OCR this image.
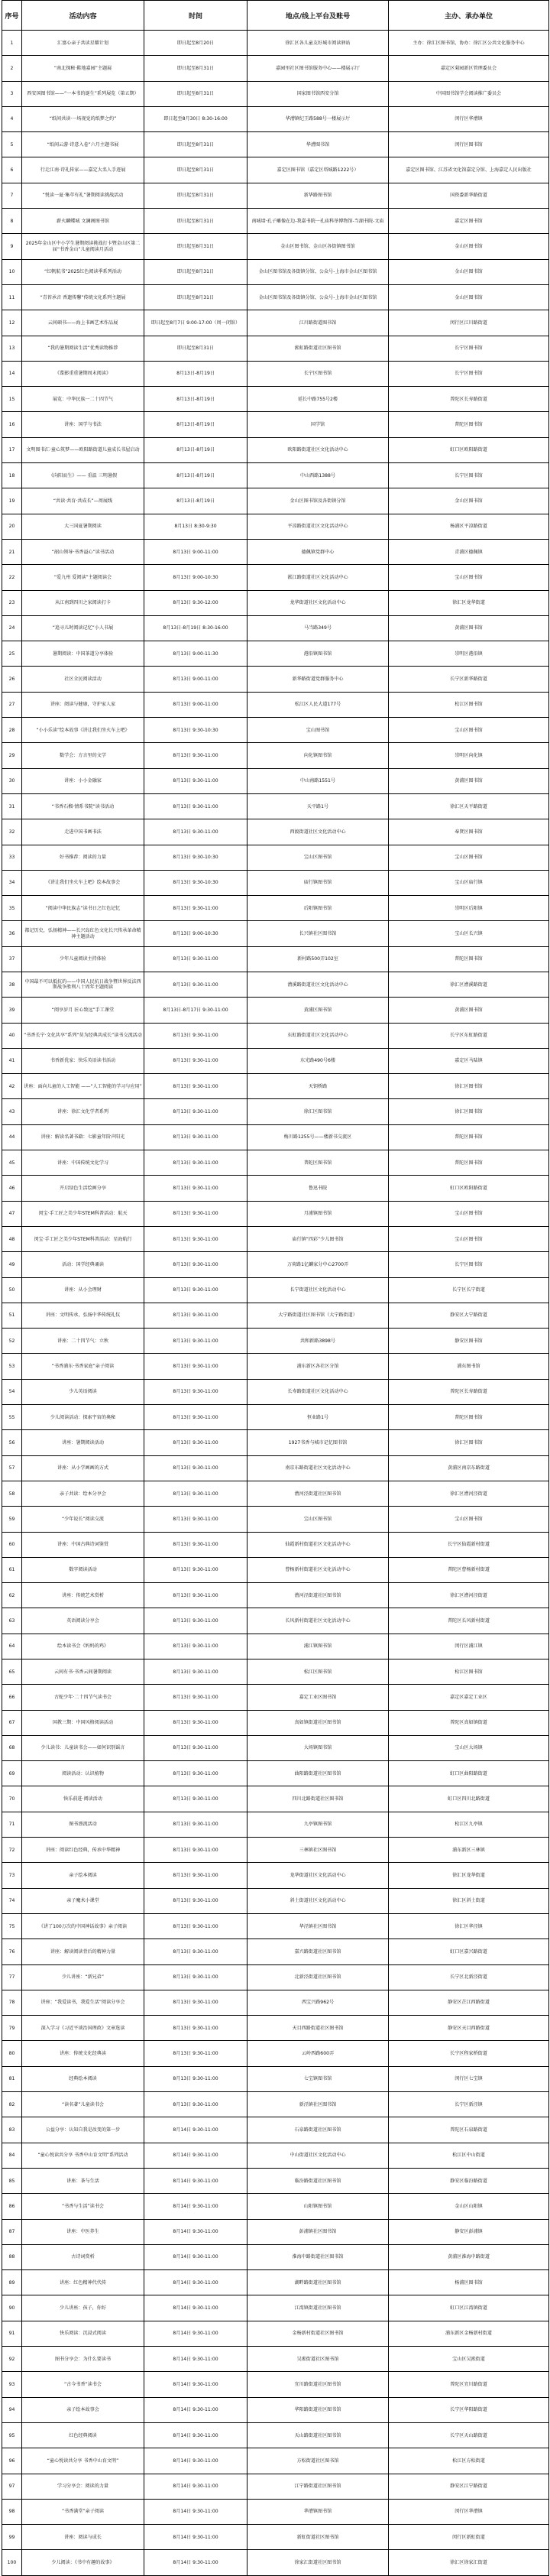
序号	活动内容	时间	地点/线上平台及账号	主办、承办单位
1	汇富心亲子共读星耀计划	即日起至8月20日	徐汇区各儿童友好城市阅读驿站	主办：徐汇区图书馆、协办：徐汇区公共文化服务中心
2	“南北探秘·鞋地嘉园”主题展	即日起至8月31日	嘉园里社区图书馆服务中心——楼展示厅	嘉定区菊园新区管理委员会
3	西安国图书馆——“一本书的诞生”系列展览（第五期）	即日起至8月31日	国家图书馆西安分馆	中国图书馆学会阅读推广委员会
4	“纸间共读·一场视觉的纸梦之约”	即日起至8月30日 8:30-16:00	华漕镇纪王路588号一楼展示厅	闵行区华漕镇
5	“纸间云游·诗意入卷”六月主题书展	即日起至8月31日	华漕图书馆	闵行区图书馆
6	行走江南·诗礼传家——嘉定大名人手迹展	即日起至8月31日	嘉定区图书馆（嘉定区塔城路1222号）	嘉定区图书馆、江苏省文化馆嘉定分馆、上海嘉定人民出版社
7	“悦读一夏·集萃有礼”暑期阅读挑战活动	即日起至8月31日	新华路图书馆	国资委新华路街道
8	薪火麟蝶城 文澜阁图书馆	即日起至8月31日	南城墙·孔子雕像在边-我嘉书院一孔庙科举博物馆-当湖书院-文庙	嘉定区图书馆
9	2025年金山区中小学生暑期阅读挑战打卡暨金山区第二届“书香金山”儿童阅读月活动	即日起至8月31日	金山区图书馆、金山区各街镇图书馆	金山区图书馆
10	“红帆航书”2025红色阅读季系列活动	即日起至8月31日	金山区图书馆及各街镇分馆、公众号-上海市金山区图书馆	金山区图书馆
11	“青苔承音 香遗传馨”传统文化系列主题展	即日起至8月31日	金山区图书馆及各街镇分馆、公众号-上海市金山区图书馆	金山区图书馆
12	云间硕书——海上书画艺术作品展	即日起至8月7日 9:00-17:00（周一闭馆）	江川路街道图书馆	闵行区江川路街道
13	“我的暑期阅读生活”优秀读物推荐	即日起至8月31日	淞虹路街道社区图书馆	长宁区图书馆
14	《谍影重重暑期周末阅读》	8月13日-8月19日	长宁区图书馆	长宁区图书馆
15	展览：中华民族一二十四节气	8月13日-8月19日	延长中路755号2楼	普陀区长寿路街道
16	讲座：国学与书法	8月13日-8月19日	国学馆	普陀区图书馆
17	文明图书汇·童心筑梦——欧阳路街道儿童成长书屋启动	8月13日-8月19日	欧阳路街道社区文化活动中心	虹口区欧阳路街道
18	《向阳而生》—— 重温 三明暑假	8月13日-8月19日	中山西路1388号	长宁区图书馆
19	“共读·共育·共成长”—周展线	8月13日-8月19日	金山区图书馆及各街镇分馆	金山区图书馆
20	大三国夏暑期阅读	8月13日 8:30-9:30	平凉路街道社区文化活动中心	杨浦区平凉路街道
21	“韶山领导·书香溢心”读书活动	8月13日 9:00-11:00	德佩镇党群中心	青浦区德佩镇
22	“爱九州 爱阅读”主题阅读会	8月13日 9:00-10:30	淞江路街道社区文化活动中心	宝山区图书馆
23	从江南到四川之家阅读打卡	8月13日 9:30-12:00	龙华街道社区文化活动中心	徐汇区龙华街道
24	“追寻儿时阅读记忆”小人书展	8月13日-8月19日 8:30-16:00	马当路349号	黄浦区图书馆
25	暑期阅读：中国茶道分享体验	8月13日 9:00-11:30	港沿镇图书馆	崇明区港沿镇
26	社区全民阅读活动	8月13日 9:00-11:00	新华路街道党群服务中心	长宁区新华路街道
27	讲座：阅读与健康，守护家人家	8月13日 9:00-11:00	松江区人民大道177号	松江区图书馆
28	“小小乐读”绘本故事《讲让我们坐火车上吧》	8月13日 9:30-10:30	宝山图书馆	宝山区图书馆
29	数学会：方言里的文学	8月13日 9:30-11:00	向化镇图书馆	崇明区向化镇
30	讲座：小小金融家	8月13日 9:30-11:00	中山南路1551号	黄浦区图书馆
31	“书香石榴·情系书院”读书活动	8月13日 9:30-11:00	天平路1号	徐汇区天平路街道
32	走进中国书画书法	8月13日 9:30-11:00	西渡街道社区文化活动中心	奉贤区图书馆
33	好书推荐：阅读的力量	8月13日 9:30-10:30	宝山区图书馆	宝山区图书馆
34	《讲让我们坐火车上吧》绘本故事会	8月13日 9:30-10:30	庙行镇图书馆	宝山区庙行镇
35	“阅读中华民族志”读书日之红色记忆	8月13日 9:30-11:00	后阳镇图书馆	崇明区后阳镇
36	都记历史，弘扬精神——长兴岛红色文化长兴传承革命精神主题活动	8月13日 9:00-10:30	长兴镇社区图书馆	宝山区长兴镇
37	少年儿童阅读主持体验	8月13日 9:30-11:00	新村路500弄102室	普陀区图书馆
38	中国最不可以抵抗的——中国人民抗日战争暨世界反法西斯战争胜利八十周年主题阅读	8月13日 9:30-11:00	漕溪路街道社区文化活动中心	徐汇区漕溪路街道
39	“阅享岁月 匠心致远”手工课堂	8月13日-8月17日 9:30-11:00	黄浦区图书馆	黄浦区图书馆
40	“书香长宁·文化共享”系列“莫为经典共成长”读书交流活动	8月13日 9:30-11:00	东虹路街道社区文化活动中心	长宁区东虹路街道
41	书香新优家：快乐英语读书活动	8月13日 9:30-11:00	东光路490号6楼	嘉定区马陆镇
42	讲座：面向儿童的人工智能 ——“人工智能的学习与应用”	8月13日 9:30-11:00	天钥桥路	徐汇区图书馆
43	讲座：徐汇文化学者系列	8月13日 9:30-11:00	徐汇区图书馆	徐汇区图书馆
44	讲座：解读名著书籍：七影童年阶声阳光	8月13日 9:30-11:00	梅川路1255号——楼新书交流区	普陀区图书馆
45	讲座：中国传统文化学习	8月13日 9:30-11:00	普陀区图书馆	普陀区图书馆
46	开启绿色生活绘画分享	8月13日 9:30-11:00	鲁迅书院	虹口区欧阳路街道
47	闵宝·手工匠之美少年STEM科普活动：航天	8月13日 9:30-11:00	月浦镇图书馆	宝山区图书馆
48	闵宝·手工匠之美少年STEM科普活动：星海航行	8月13日 9:30-11:00	庙行镇“四彩”少儿图书馆	宝山区图书馆
49	活动：国学经典诵读	8月13日 9:30-11:00	万荷路1亿麟家分中心2700弄	长宁区图书馆
50	讲座：从小会理财	8月13日 9:30-11:00	长宁街道社区文化活动中心	长宁区长宁街道
51	讲座：文明传承，弘扬中华传统礼仪	8月13日 9:30-11:00	大宁路街道社区图书馆（大宁路街道）	静安区大宁路街道
52	讲座：二十四节气：立秋	8月13日 9:30-11:00	共和新路3898号	静安区图书馆
53	“书香浦东·书香家庭”亲子阅读	8月13日 9:30-11:00	浦东新区各社区分馆	浦东图书馆
54	少儿英语阅读	8月13日 9:30-11:00	长寿路街道社区文化活动中心	普陀区长寿路街道
55	少儿阅读活动：探索宇宙的奥秘	8月13日 9:30-11:00	恒业路1号	普陀区图书馆
56	讲座：暑期阅读活动	8月13日 9:30-11:00	1927书香与城市记忆图书馆	徐汇区图书馆
57	讲座：从小学画画的方式	8月13日 9:30-11:00	南京东路街道社区文化活动中心	黄浦区南京东路街道
58	亲子共读：绘本分享会	8月13日 9:30-11:00	漕河泾街道社区图书馆	徐汇区漕河泾街道
59	“少年说长”阅读交流	8月13日 9:30-11:00	宝山区图书馆	宝山区图书馆
60	讲座：中国古典诗词鉴赏	8月13日 9:30-11:00	仙霞新村街道社区文化活动中心	长宁区仙霞新村街道
61	数字阅读活动	8月13日 9:30-11:00	曹杨新村街道社区文化活动中心	普陀区曹杨新村街道
62	讲座：传统艺术赏析	8月13日 9:30-11:00	漕河泾街道社区图书馆	徐汇区漕河泾街道
63	英语阅读分享会	8月13日 9:30-11:00	长风新村街道社区文化活动中心	普陀区长风新村街道
64	绘本读书会《妈妈的鸡》	8月13日 9:30-11:00	浦江镇图书馆	闵行区浦江镇
65	云间有书·书香云间暑期阅读	8月13日 9:30-11:00	松江区图书馆	松江区图书馆
66	古蛇少年·二十四节气读书会	8月13日 9:30-11:00	嘉定工业区图书馆	嘉定区嘉定工业区
67	国教三期：中国风格阅读活动	8月13日 9:30-11:00	真如镇街道社区图书馆	普陀区真如镇街道
68	少儿读书：儿童读书会——如何识别谣言	8月13日 9:30-11:00	大场镇图书馆	宝山区大场镇
69	阅读活动：认识植物	8月13日 9:30-11:00	曲阳路街道社区图书馆	虹口区曲阳路街道
70	快乐前进·阅读活动	8月13日 9:30-11:00	四川北路街道社区图书馆	虹口区四川北路街道
71	图书漂流活动	8月13日 9:30-11:00	九亭镇图书馆	松江区九亭镇
72	讲座：阅读红色经典，传承中华精神	8月13日 9:30-11:00	三林镇社区图书馆	浦东新区三林镇
73	亲子绘本阅读	8月13日 9:30-11:00	龙华街道社区文化活动中心	徐汇区龙华街道
74	亲子魔术小课堂	8月13日 9:30-11:00	斜土街道社区文化活动中心	徐汇区斜土街道
75	《讲了100万次的中国神话故事》亲子阅读	8月13日 9:30-11:00	华泾镇社区图书馆	徐汇区华泾镇
76	讲座：解读阅读背后的精神力量	8月13日 9:30-11:00	嘉兴路街道社区图书馆	虹口区嘉兴路街道
77	少儿讲座：“新兄弟”	8月13日 9:30-11:00	北新泾街道社区图书馆	长宁区北新泾街道
78	讲座：“我爱读书，我爱生活”阅读分享会	8月13日 9:30-11:00	西宝兴路962号	静安区芷江西路街道
79	深入学习《习近平谈治国理政》文章选读	8月13日 9:30-11:00	天目西路街道社区图书馆	静安区天目西路街道
80	讲座：传统文化经典读	8月13日 9:30-11:00	云岭西路600弄	长宁区程家桥街道
81	经典绘本阅读	8月13日 9:30-11:00	七宝镇图书馆	闵行区七宝镇
82	“读名著”儿童读书会	8月13日 9:30-11:00	新泾镇社区图书馆	长宁区新泾镇
83	公益分享：认知自我是改变的第一步	8月14日 9:30-11:00	石泉路街道社区图书馆	普陀区石泉路街道
84	“童心悦读共分享 书香中山育文明”系列活动	8月14日 9:30-11:00	中山街道社区文化活动中心	松江区中山街道
85	讲座：茶与生活	8月14日 9:30-11:00	临汾路街道社区图书馆	静安区临汾路街道
86	“书香与生活”读书会	8月14日 9:30-11:00	山阳镇图书馆	金山区山阳镇
87	讲座：中医养生	8月14日 9:30-11:00	彭浦镇社区图书馆	静安区彭浦镇
88	古诗词赏析	8月14日 9:30-11:00	淮海中路街道社区图书馆	黄浦区淮海中路街道
89	讲座：红色精神代代传	8月14日 9:30-11:00	湖畔路街道社区图书馆	杨浦区图书馆
90	少儿讲座：孩子，你好	8月14日 9:30-11:00	江湾镇街道社区图书馆	虹口区江湾镇街道
91	快乐阅读：沉浸式阅读	8月14日 9:30-11:00	金杨新村街道社区图书馆	浦东新区金杨新村街道
92	图书分享会：为什么要读书	8月14日 9:30-11:00	吴淞街道社区图书馆	宝山区吴淞街道
93	“古今书香”读书会	8月14日 9:30-11:00	宜川路街道社区图书馆	普陀区宜川路街道
94	亲子绘本故事会	8月14日 9:30-11:00	华阳路街道社区图书馆	长宁区华阳路街道
95	红色经典阅读	8月14日 9:30-11:00	天山路街道社区图书馆	长宁区天山路街道
96	“童心悦读共分享 书香中山育文明”	8月14日 9:30-11:00	方松街道社区图书馆	松江区方松街道
97	学习分享会：阅读的力量	8月14日 9:30-11:00	江宁路街道社区图书馆	静安区江宁路街道
98	“书香满堂”亲子阅读	8月14日 9:30-11:00	华漕镇图书馆	闵行区华漕镇
99	讲座：阅读与成长	8月14日 9:30-11:00	新虹街道社区图书馆	闵行区新虹街道
100	少儿阅读：《书中有趣的故事》	8月14日 9:30-11:00	徐家汇街道社区图书馆	徐汇区徐家汇街道
